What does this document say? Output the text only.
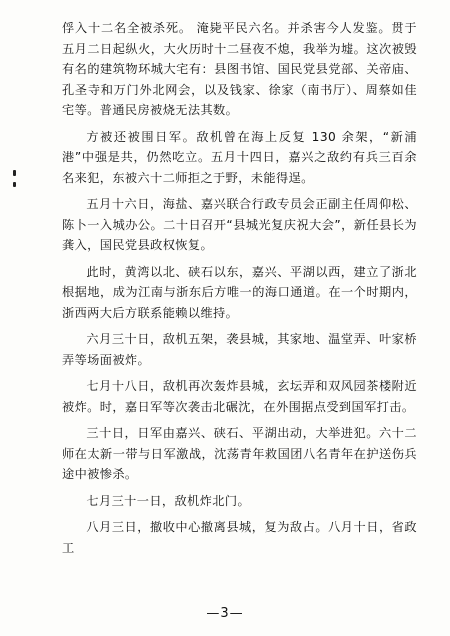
俘入十二名全被杀死。 淹毙平民六名。并杀害今人发鉴。贯于五月二日起纵火，大火历时十二昼夜不熄，我举为墟。这次被毁有名的建筑物环城大宅有：县图书馆、国民党县党部、关帝庙、孔圣寺和万门外北网会，以及钱家、徐家（南书厅）、周蔡如佳宅等。普通民房被烧无法其数。

方被还被围日军。敌机曾在海上反复 130 余架，“新浦港”中强是共，仍然吃立。五月十四日，嘉兴之敌约有兵三百余名来犯，东被六十二师拒之于野，未能得逞。

五月十六日，海盐、嘉兴联合行政专员会正副主任周仰松、陈卜一入城办公。二十日召开“县城光复庆祝大会”，新任县长为 龚入，国民党县政权恢复。

此时，黄湾以北、硖石以东，嘉兴、平湖以西，建立了浙北根据地，成为江南与浙东后方唯一的海口通道。在一个时期内，浙西两大后方联系能赖以维持。

六月三十日，敌机五架，袭县城，其家地、温堂弄、叶家桥弄等场面被炸。

七月十八日，敌机再次轰炸县城，玄坛弄和双风园茶楼附近被炸。时，嘉日军等次袭击北碾沈，在外围据点受到国军打击。

三十日，日军由嘉兴、硖石、平湖出动，大举进犯。六十二师在太新一带与日军激战，沈荡青年救国团八名青年在护送伤兵途中被惨杀。

七月三十一日，敌机炸北门。

八月三日，撤收中心撤离县城，复为敌占。八月十日，省政工

—3—
